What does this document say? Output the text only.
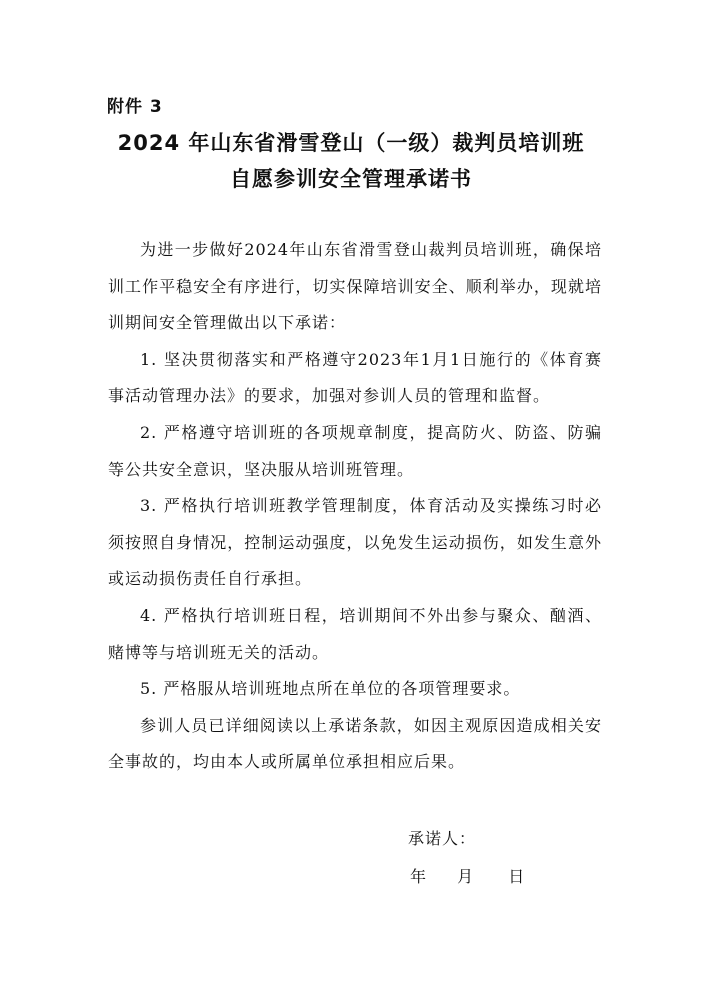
附件 3
2024 年山东省滑雪登山（一级）裁判员培训班
自愿参训安全管理承诺书

为进一步做好2024年山东省滑雪登山裁判员培训班，确保培训工作平稳安全有序进行，切实保障培训安全、顺利举办，现就培训期间安全管理做出以下承诺：

1. 坚决贯彻落实和严格遵守2023年1月1日施行的《体育赛事活动管理办法》的要求，加强对参训人员的管理和监督。

2. 严格遵守培训班的各项规章制度，提高防火、防盗、防骗等公共安全意识，坚决服从培训班管理。

3. 严格执行培训班教学管理制度，体育活动及实操练习时必须按照自身情况，控制运动强度，以免发生运动损伤，如发生意外或运动损伤责任自行承担。

4. 严格执行培训班日程，培训期间不外出参与聚众、酗酒、赌博等与培训班无关的活动。

5. 严格服从培训班地点所在单位的各项管理要求。

参训人员已详细阅读以上承诺条款，如因主观原因造成相关安全事故的，均由本人或所属单位承担相应后果。

承诺人：
年 月 日
